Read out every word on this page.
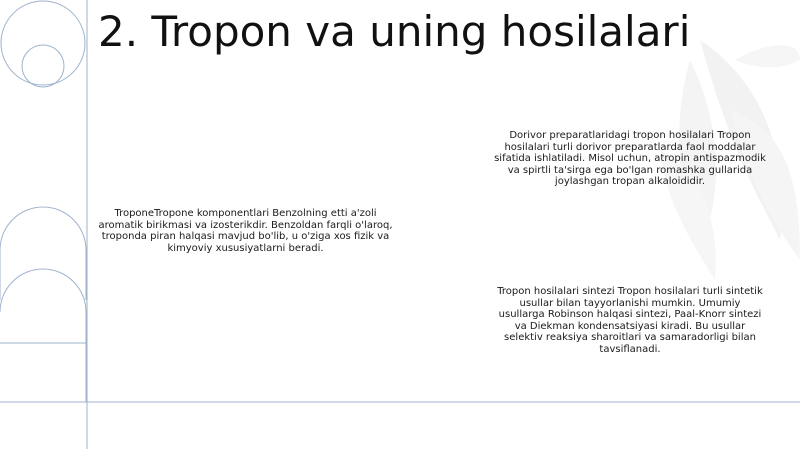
2. Tropon va uning hosilalari
TroponeTropone komponentlari Benzolning etti a'zoli aromatik birikmasi va izosterikdir. Benzoldan farqli o'laroq, troponda piran halqasi mavjud bo'lib, u o'ziga xos fizik va kimyoviy xususiyatlarni beradi.
Dorivor preparatlaridagi tropon hosilalari Tropon hosilalari turli dorivor preparatlarda faol moddalar sifatida ishlatiladi. Misol uchun, atropin antispazmodik va spirtli ta'sirga ega bo'lgan romashka gullarida joylashgan tropan alkaloididir.
Tropon hosilalari sintezi Tropon hosilalari turli sintetik usullar bilan tayyorlanishi mumkin. Umumiy usullarga Robinson halqasi sintezi, Paal-Knorr sintezi va Diekman kondensatsiyasi kiradi. Bu usullar selektiv reaksiya sharoitlari va samaradorligi bilan tavsiflanadi.
